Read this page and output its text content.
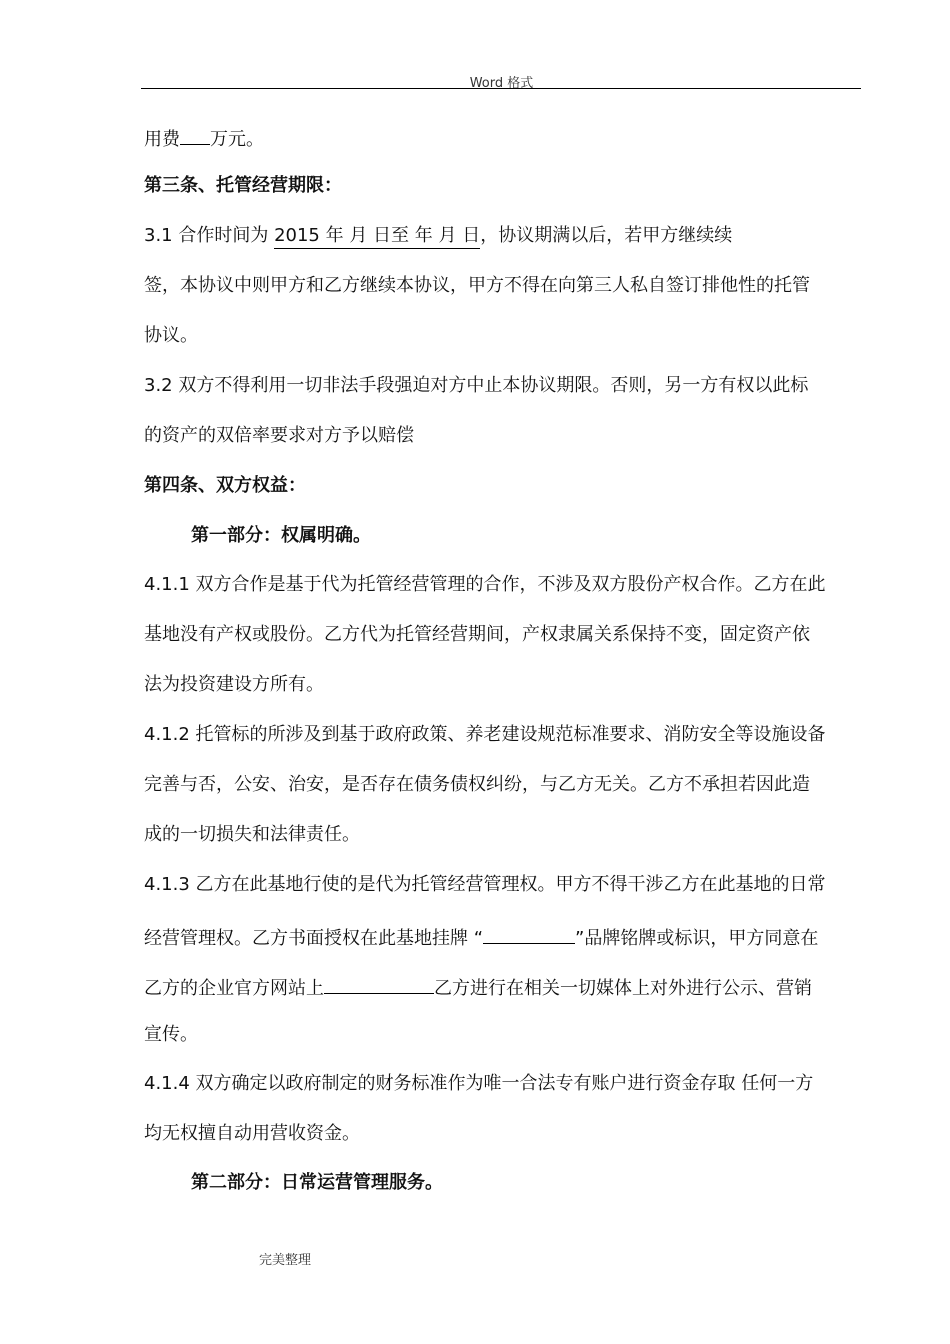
Word 格式
用费 万元。
第三条、托管经营期限：
3.1 合作时间为 2015 年 月 日至 年 月 日，协议期满以后，若甲方继续续
签，本协议中则甲方和乙方继续本协议，甲方不得在向第三人私自签订排他性的托管
协议。
3.2 双方不得利用一切非法手段强迫对方中止本协议期限。否则，另一方有权以此标
的资产的双倍率要求对方予以赔偿
第四条、双方权益：
第一部分：权属明确。
4.1.1 双方合作是基于代为托管经营管理的合作，不涉及双方股份产权合作。乙方在此
基地没有产权或股份。乙方代为托管经营期间，产权隶属关系保持不变，固定资产依
法为投资建设方所有。
4.1.2 托管标的所涉及到基于政府政策、养老建设规范标准要求、消防安全等设施设备
完善与否，公安、治安，是否存在债务债权纠纷，与乙方无关。乙方不承担若因此造
成的一切损失和法律责任。
4.1.3 乙方在此基地行使的是代为托管经营管理权。甲方不得干涉乙方在此基地的日常
经营管理权。乙方书面授权在此基地挂牌 “	”品牌铭牌或标识，甲方同意在
乙方的企业官方网站上	乙方进行在相关一切媒体上对外进行公示、营销
宣传。
4.1.4 双方确定以政府制定的财务标准作为唯一合法专有账户进行资金存取 任何一方
均无权擅自动用营收资金。
第二部分：日常运营管理服务。
完美整理
